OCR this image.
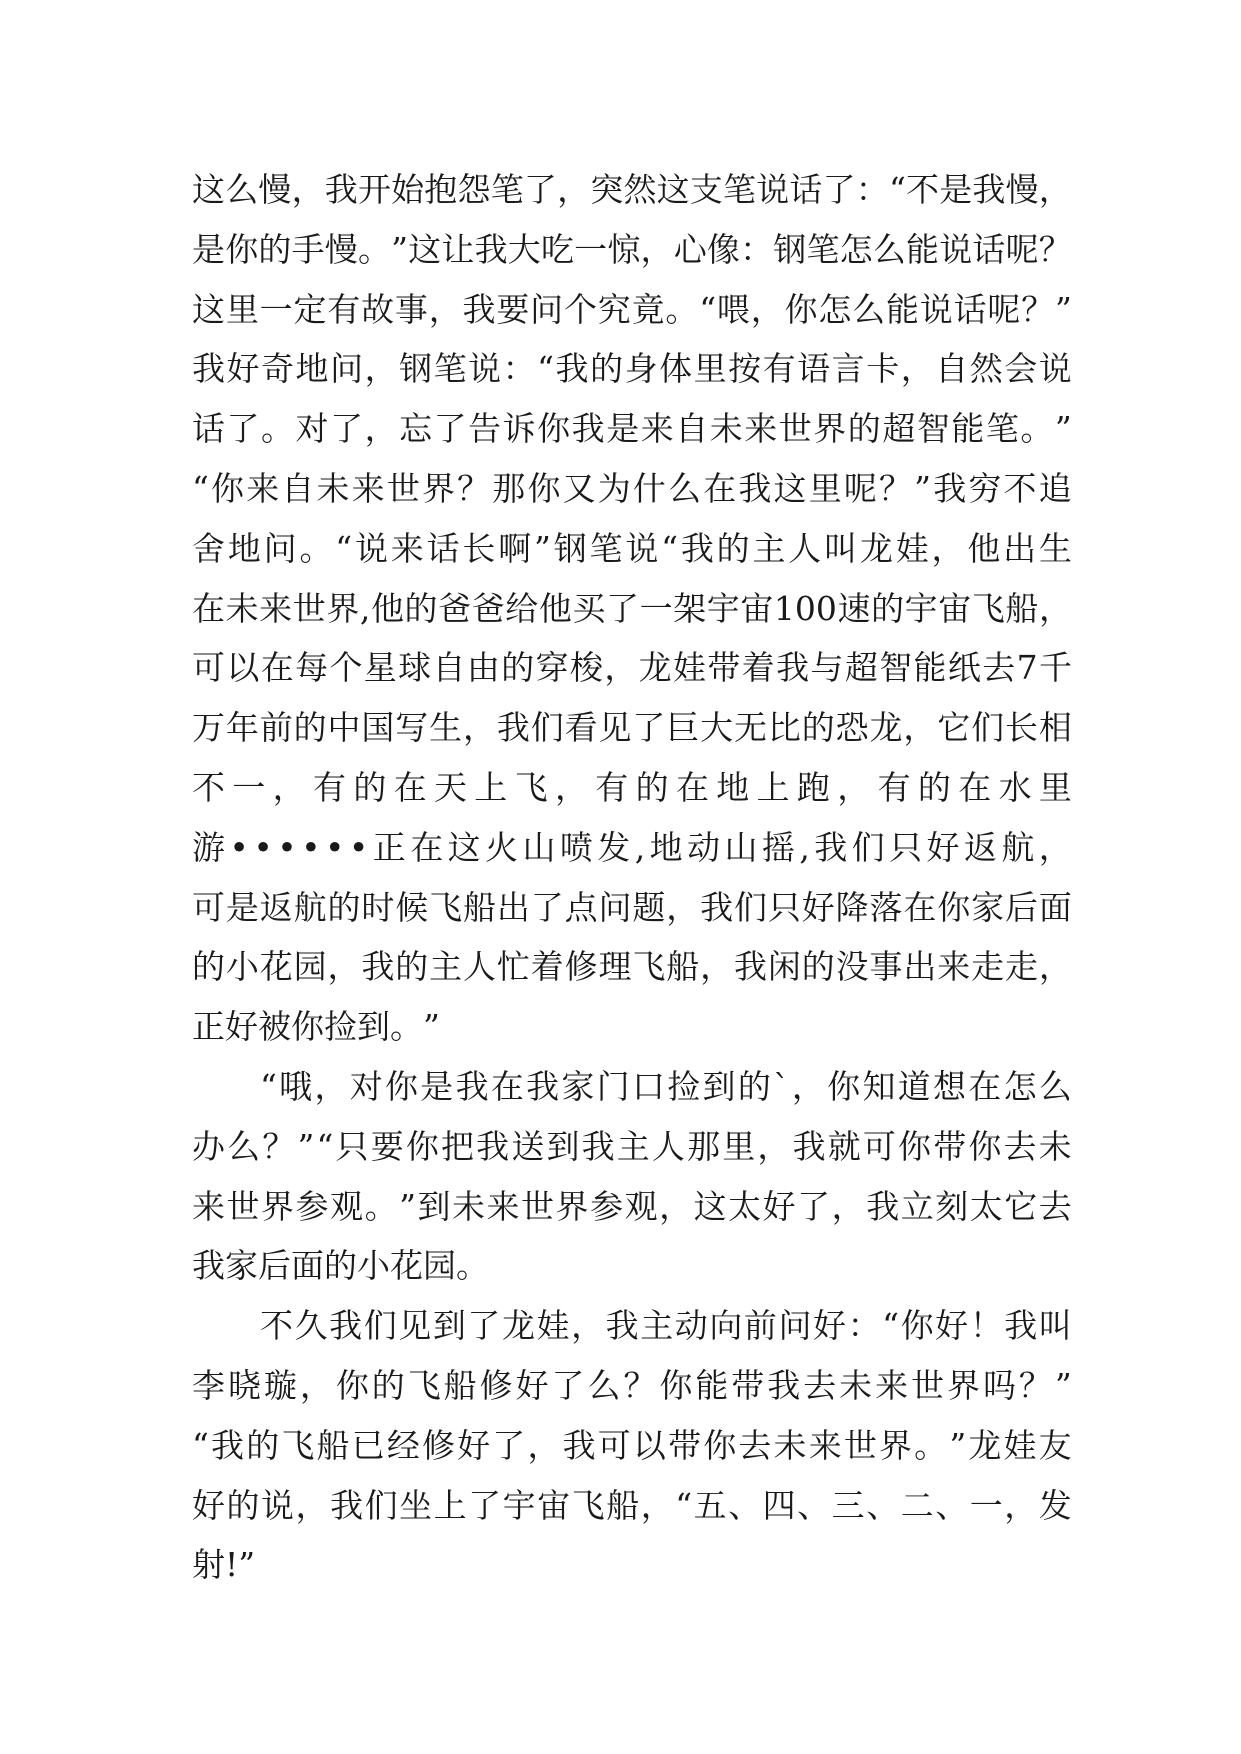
这 么 慢 ， 我 开 始 抱 怨 笔 了 ， 突 然 这 支 笔 说 话 了 ： “ 不 是 我 慢 ，
是 你 的 手 慢 。 ” 这 让 我 大 吃 一 惊 ， 心 像 ： 钢 笔 怎 么 能 说 话 呢 ？
这 里 一 定 有 故 事 ， 我 要 问 个 究 竟 。 “ 喂 ， 你 怎 么 能 说 话 呢 ？ ”
我 好 奇 地 问 ， 钢 笔 说 ： “ 我 的 身 体 里 按 有 语 言 卡 ， 自 然 会 说
话 了 。 对 了 ， 忘 了 告 诉 你 我 是 来 自 未 来 世 界 的 超 智 能 笔 。 ”
“ 你 来 自 未 来 世 界 ？ 那 你 又 为 什 么 在 我 这 里 呢 ？ ” 我 穷 不 追
舍 地 问 。 “ 说 来 话 长 啊 ” 钢 笔 说 “ 我 的 主 人 叫 龙 娃 ， 他 出 生
在 未 来 世 界 , 他 的 爸 爸 给 他 买 了 一 架 宇 宙 100 速 的 宇 宙 飞 船 ，
可 以 在 每 个 星 球 自 由 的 穿 梭 ， 龙 娃 带 着 我 与 超 智 能 纸 去 7 千
万 年 前 的 中 国 写 生 ， 我 们 看 见 了 巨 大 无 比 的 恐 龙 ， 它 们 长 相
不 一 ， 有 的 在 天 上 飞 ， 有 的 在 地 上 跑 ， 有 的 在 水 里
游 • • • • • • 正 在 这 火 山 喷 发 , 地 动 山 摇 , 我 们 只 好 返 航 ，
可 是 返 航 的 时 候 飞 船 出 了 点 问 题 ， 我 们 只 好 降 落 在 你 家 后 面
的 小 花 园 ， 我 的 主 人 忙 着 修 理 飞 船 ， 我 闲 的 没 事 出 来 走 走 ，
正 好 被 你 捡 到 。 ”
“ 哦 ， 对 你 是 我 在 我 家 门 口 捡 到 的 ` ， 你 知 道 想 在 怎 么
办 么 ？ ” “ 只 要 你 把 我 送 到 我 主 人 那 里 ， 我 就 可 你 带 你 去 未
来 世 界 参 观 。 ” 到 未 来 世 界 参 观 ， 这 太 好 了 ， 我 立 刻 太 它 去
我 家 后 面 的 小 花 园 。
不 久 我 们 见 到 了 龙 娃 ， 我 主 动 向 前 问 好 ： “ 你 好 ！ 我 叫
李 晓 璇 ， 你 的 飞 船 修 好 了 么 ？ 你 能 带 我 去 未 来 世 界 吗 ？ ”
“ 我 的 飞 船 已 经 修 好 了 ， 我 可 以 带 你 去 未 来 世 界 。 ” 龙 娃 友
好 的 说 ， 我 们 坐 上 了 宇 宙 飞 船 ， “ 五 、 四 、 三 、 二 、 一 ， 发
射 ! ”
